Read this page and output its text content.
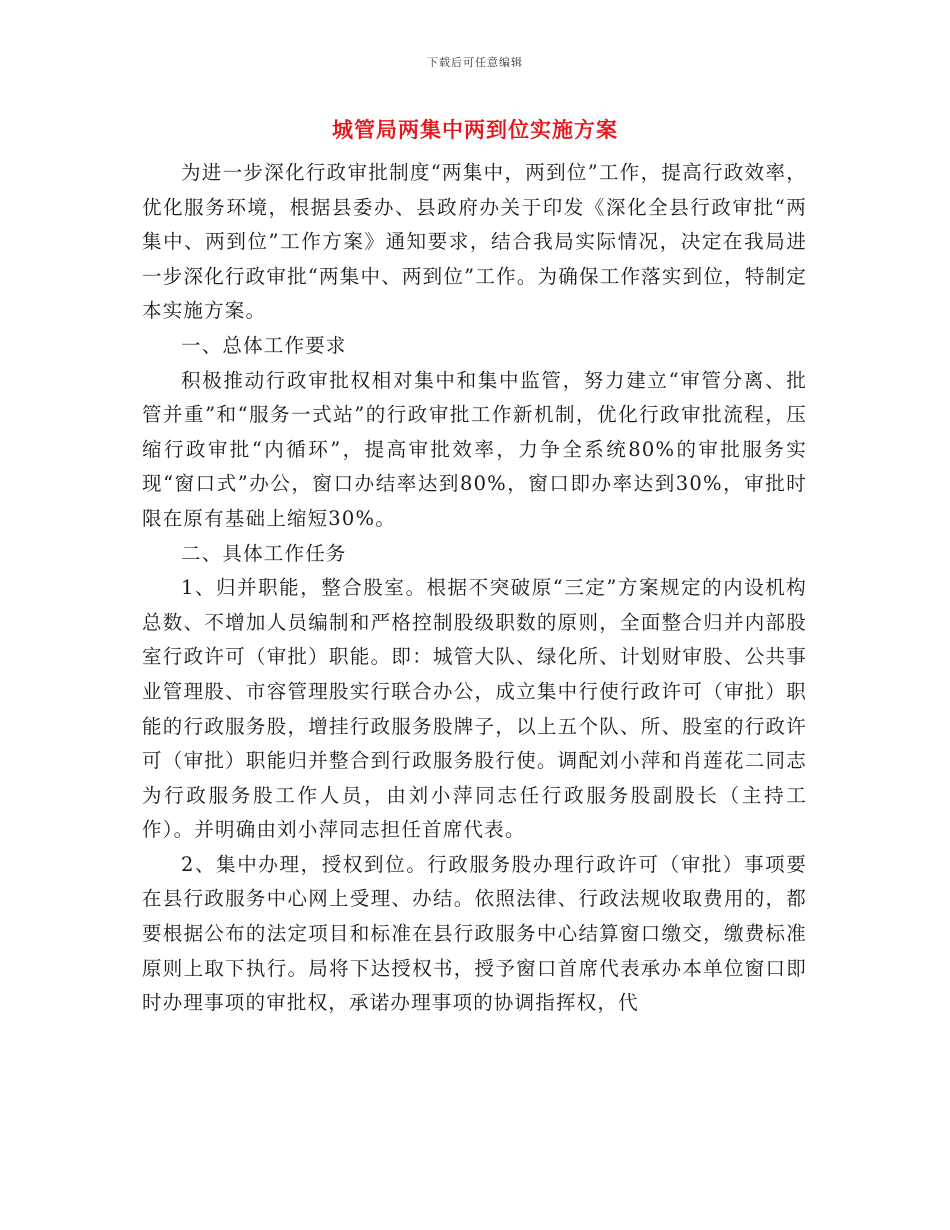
下载后可任意编辑
城管局两集中两到位实施方案

为进一步深化行政审批制度“两集中，两到位”工作，提高行政效率，优化服务环境，根据县委办、县政府办关于印发《深化全县行政审批“两集中、两到位”工作方案》通知要求，结合我局实际情况，决定在我局进一步深化行政审批“两集中、两到位”工作。为确保工作落实到位，特制定本实施方案。

一、总体工作要求

积极推动行政审批权相对集中和集中监管，努力建立“审管分离、批管并重”和“服务一式站”的行政审批工作新机制，优化行政审批流程，压缩行政审批“内循环”，提高审批效率，力争全系统80%的审批服务实现“窗口式”办公，窗口办结率达到80%，窗口即办率达到30%，审批时限在原有基础上缩短30%。

二、具体工作任务

1、归并职能，整合股室。根据不突破原“三定”方案规定的内设机构总数、不增加人员编制和严格控制股级职数的原则，全面整合归并内部股室行政许可（审批）职能。即：城管大队、绿化所、计划财审股、公共事业管理股、市容管理股实行联合办公，成立集中行使行政许可（审批）职能的行政服务股，增挂行政服务股牌子，以上五个队、所、股室的行政许可（审批）职能归并整合到行政服务股行使。调配刘小萍和肖莲花二同志为行政服务股工作人员，由刘小萍同志任行政服务股副股长（主持工作）。并明确由刘小萍同志担任首席代表。

2、集中办理，授权到位。行政服务股办理行政许可（审批）事项要在县行政服务中心网上受理、办结。依照法律、行政法规收取费用的，都要根据公布的法定项目和标准在县行政服务中心结算窗口缴交，缴费标准原则上取下执行。局将下达授权书，授予窗口首席代表承办本单位窗口即时办理事项的审批权，承诺办理事项的协调指挥权，代
